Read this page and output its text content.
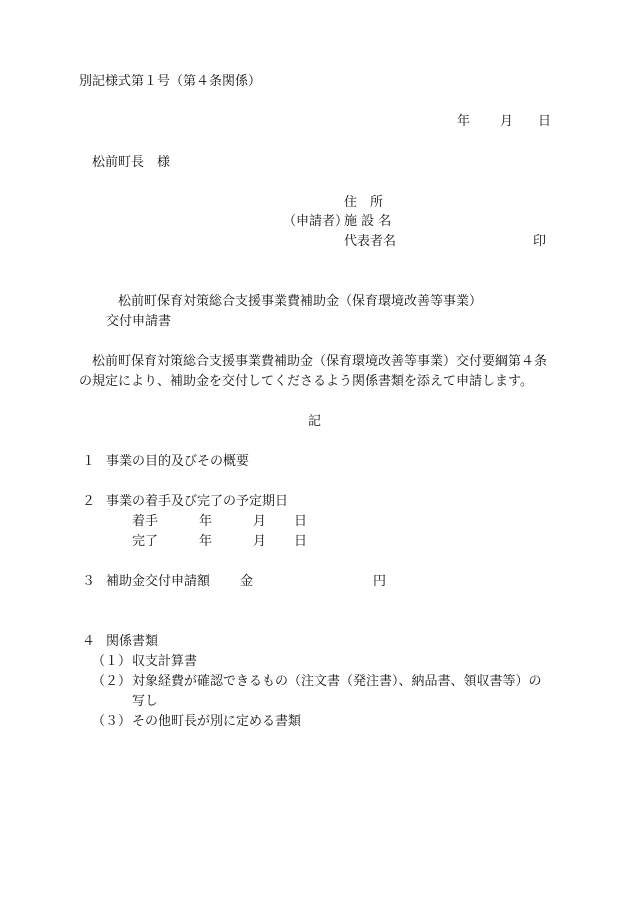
別記様式第１号（第４条関係）
年 月 日
松前町長　様
住　所
（申請者）
施 設 名
代表者名	印
松前町保育対策総合支援事業費補助金（保育環境改善等事業）
交付申請書
松前町保育対策総合支援事業費補助金（保育環境改善等事業）交付要綱第４条
の規定により、補助金を交付してくださるよう関係書類を添えて申請します。
記
１ 事業の目的及びその概要
２ 事業の着手及び完了の予定期日
着手	年	月 日
完了	年	月 日
３ 補助金交付申請額 金	円
４ 関係書類
（１） 収支計算書
（２） 対象経費が確認できるもの（注文書（発注書）、納品書、領収書等）の
写し
（３） その他町長が別に定める書類
